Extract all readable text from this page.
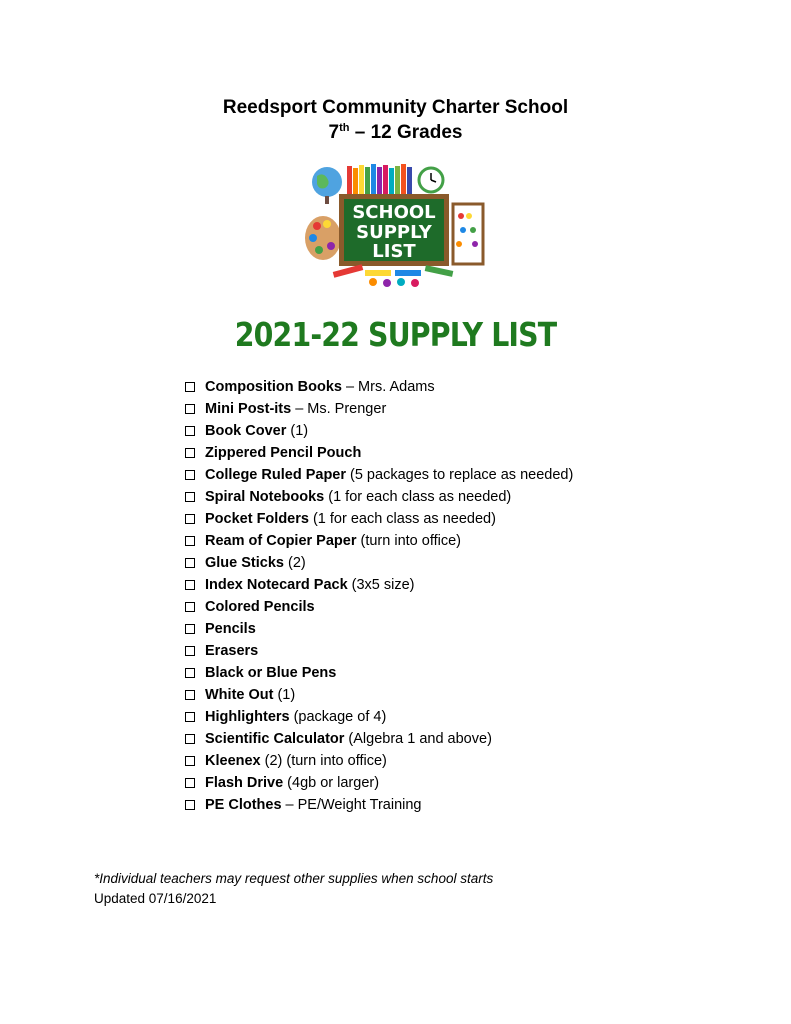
Reedsport Community Charter School
7th – 12 Grades
SCHOOL
SUPPLY
LIST
2021-22 SUPPLY LIST
Composition Books – Mrs. Adams
Mini Post-its – Ms. Prenger
Book Cover (1)
Zippered Pencil Pouch
College Ruled Paper (5 packages to replace as needed)
Spiral Notebooks (1 for each class as needed)
Pocket Folders (1 for each class as needed)
Ream of Copier Paper (turn into office)
Glue Sticks (2)
Index Notecard Pack (3x5 size)
Colored Pencils
Pencils
Erasers
Black or Blue Pens
White Out (1)
Highlighters (package of 4)
Scientific Calculator (Algebra 1 and above)
Kleenex (2) (turn into office)
Flash Drive (4gb or larger)
PE Clothes – PE/Weight Training
*Individual teachers may request other supplies when school starts
Updated 07/16/2021
